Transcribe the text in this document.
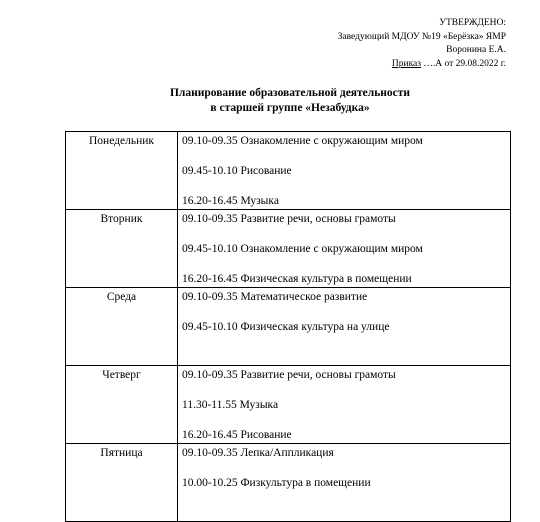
УТВЕРЖДЕНО:
Заведующий МДОУ №19 «Берёзка» ЯМР
Воронина Е.А.
Приказ ….А от 29.08.2022 г.
Планирование образовательной деятельности
в старшей группе «Незабудка»
Понедельник	09.10-09.35 Ознакомление с окружающим миром
09.45-10.10 Рисование
16.20-16.45 Музыка

Вторник	09.10-09.35 Развитие речи, основы грамоты
09.45-10.10 Ознакомление с окружающим миром
16.20-16.45 Физическая культура в помещении

Среда	09.10-09.35 Математическое развитие
09.45-10.10 Физическая культура на улице

Четверг	09.10-09.35 Развитие речи, основы грамоты
11.30-11.55 Музыка
16.20-16.45 Рисование

Пятница	09.10-09.35 Лепка/Аппликация
10.00-10.25 Физкультура в помещении
